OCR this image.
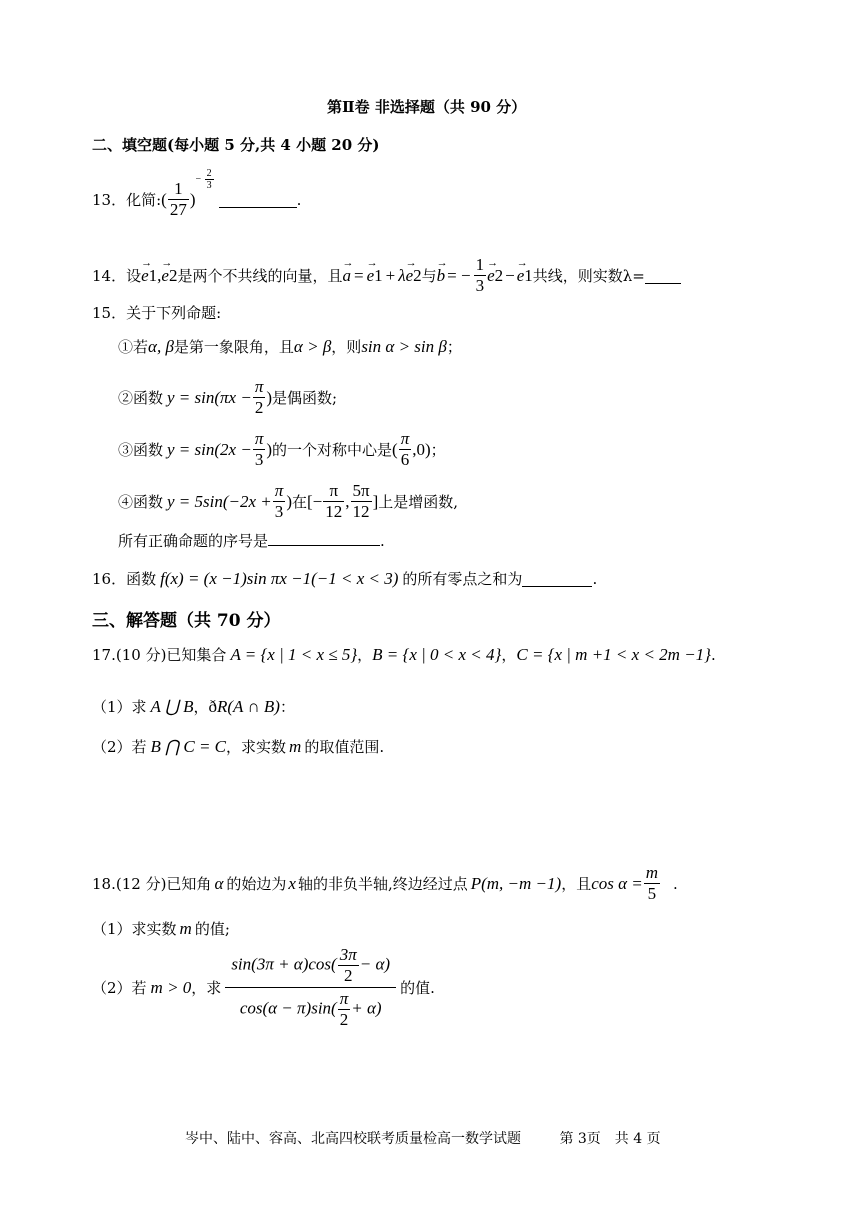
第Ⅱ卷 非选择题（共 90 分）
二、填空题(每小题 5 分,共 4 小题 20 分)
13． 化简: ( $\frac{1}{27}$ )
− $\frac{2}{3}$
.
14． 设
→ e 1 ,
→ e 2 是两个不共线的向量，且
→ a =
→ e 1 + λ
→ e 2 与
→ b = − $\frac{1}{3}$
→ e 2 −
→ e 1 共线，则实数λ=
15．关于下列命题:
①若 α, β 是第一象限角，且 α > β ，则 sin α > sin β ；
②函数 $y = \sin(\pi x - \frac{\pi}{2}$ ) 是偶函数;
③函数 $y = \sin(2x - \frac{\pi}{3}$ ) 的一个对称中心是 ( $\frac{\pi}{6} ,0$) ；
④函数 $y = 5\sin(-2x + \frac{\pi}{3}$ ) 在 [− $\frac{\pi}{12}$ , $\frac{5\pi}{12}$ ] 上是增函数,
所有正确命题的序号是	.
16． 函数 f(x) = (x −1)sin πx −1(−1 < x < 3) 的所有零点之和为	.
三、解答题（共 70 分）
17. (10 分) 已知集合 A = {x | 1 < x ≤ 5} ， B = {x | 0 < x < 4} ， C = {x | m +1 < x < 2m −1} .
（1）求 A ⋃ B ， ð R (A ∩ B) ：
（2）若 B ⋂ C = C ，求实数 m 的取值范围.
18. (12 分) 已知角 α 的始边为 x 轴的非负半轴,终边经过点 P(m, −m −1) ，且 $\cos \alpha = \frac{m}{5}$ .
（1）求实数 m 的值;
（2）若 m > 0 ，求 $\frac{\sin(3\pi + \alpha)\cos( \frac{3\pi}{2} - \alpha)}{\cos(\alpha - \pi)\sin( \frac{\pi}{2} + \alpha)}$ 的值.
岑中、陆中、容高、北高四校联考质量检高一数学试题	第 3页　共 4 页
